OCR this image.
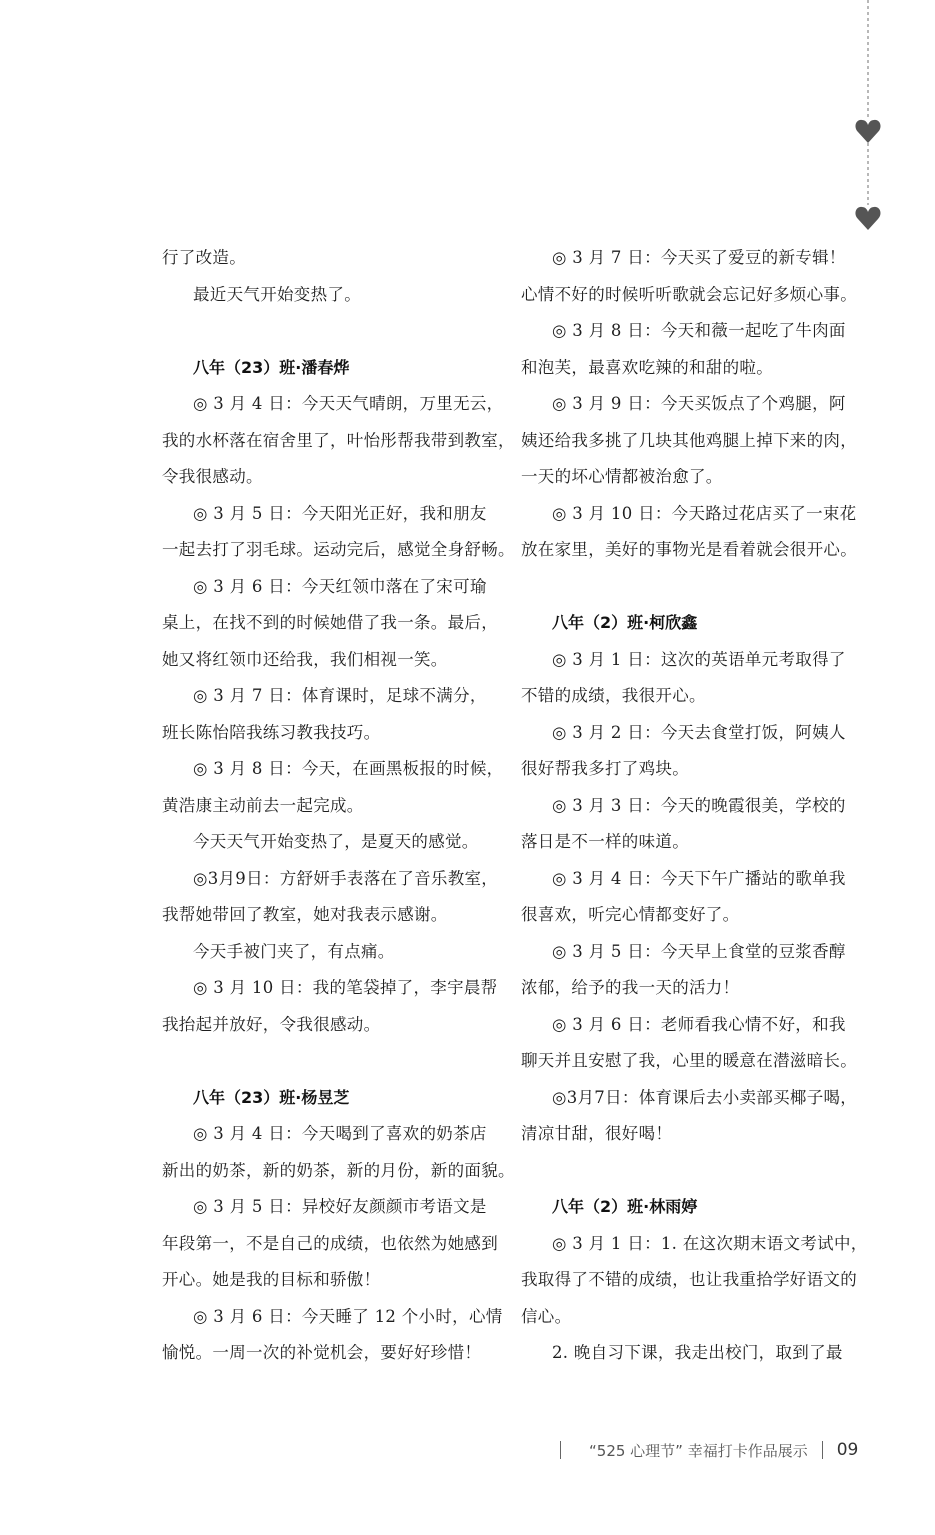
行了改造。

最近天气开始变热了。

八年（23）班·潘春烨

◎ 3 月 4 日：今天天气晴朗，万里无云，

我的水杯落在宿舍里了，叶怡彤帮我带到教室，

令我很感动。

◎ 3 月 5 日：今天阳光正好，我和朋友

一起去打了羽毛球。运动完后，感觉全身舒畅。

◎ 3 月 6 日：今天红领巾落在了宋可瑜

桌上，在找不到的时候她借了我一条。最后，

她又将红领巾还给我，我们相视一笑。

◎ 3 月 7 日：体育课时，足球不满分，

班长陈怡陪我练习教我技巧。

◎ 3 月 8 日：今天，在画黑板报的时候，

黄浩康主动前去一起完成。

今天天气开始变热了，是夏天的感觉。

◎3月9日：方舒妍手表落在了音乐教室，

我帮她带回了教室，她对我表示感谢。

今天手被门夹了，有点痛。

◎ 3 月 10 日：我的笔袋掉了，李宇晨帮

我抬起并放好，令我很感动。

八年（23）班·杨昱芝

◎ 3 月 4 日：今天喝到了喜欢的奶茶店

新出的奶茶，新的奶茶，新的月份，新的面貌。

◎ 3 月 5 日：异校好友颜颜市考语文是

年段第一，不是自己的成绩，也依然为她感到

开心。她是我的目标和骄傲！

◎ 3 月 6 日：今天睡了 12 个小时，心情

愉悦。一周一次的补觉机会，要好好珍惜！

◎ 3 月 7 日：今天买了爱豆的新专辑！

心情不好的时候听听歌就会忘记好多烦心事。

◎ 3 月 8 日：今天和薇一起吃了牛肉面

和泡芙，最喜欢吃辣的和甜的啦。

◎ 3 月 9 日：今天买饭点了个鸡腿，阿

姨还给我多挑了几块其他鸡腿上掉下来的肉，

一天的坏心情都被治愈了。

◎ 3 月 10 日：今天路过花店买了一束花

放在家里，美好的事物光是看着就会很开心。

八年（2）班·柯欣鑫

◎ 3 月 1 日：这次的英语单元考取得了

不错的成绩，我很开心。

◎ 3 月 2 日：今天去食堂打饭，阿姨人

很好帮我多打了鸡块。

◎ 3 月 3 日：今天的晚霞很美，学校的

落日是不一样的味道。

◎ 3 月 4 日：今天下午广播站的歌单我

很喜欢，听完心情都变好了。

◎ 3 月 5 日：今天早上食堂的豆浆香醇

浓郁，给予的我一天的活力！

◎ 3 月 6 日：老师看我心情不好，和我

聊天并且安慰了我，心里的暖意在潜滋暗长。

◎3月7日：体育课后去小卖部买椰子喝，

清凉甘甜，很好喝！

八年（2）班·林雨婷

◎ 3 月 1 日：1. 在这次期末语文考试中，

我取得了不错的成绩，也让我重拾学好语文的

信心。

2. 晚自习下课，我走出校门，取到了最

“525 心理节” 幸福打卡作品展示 09
